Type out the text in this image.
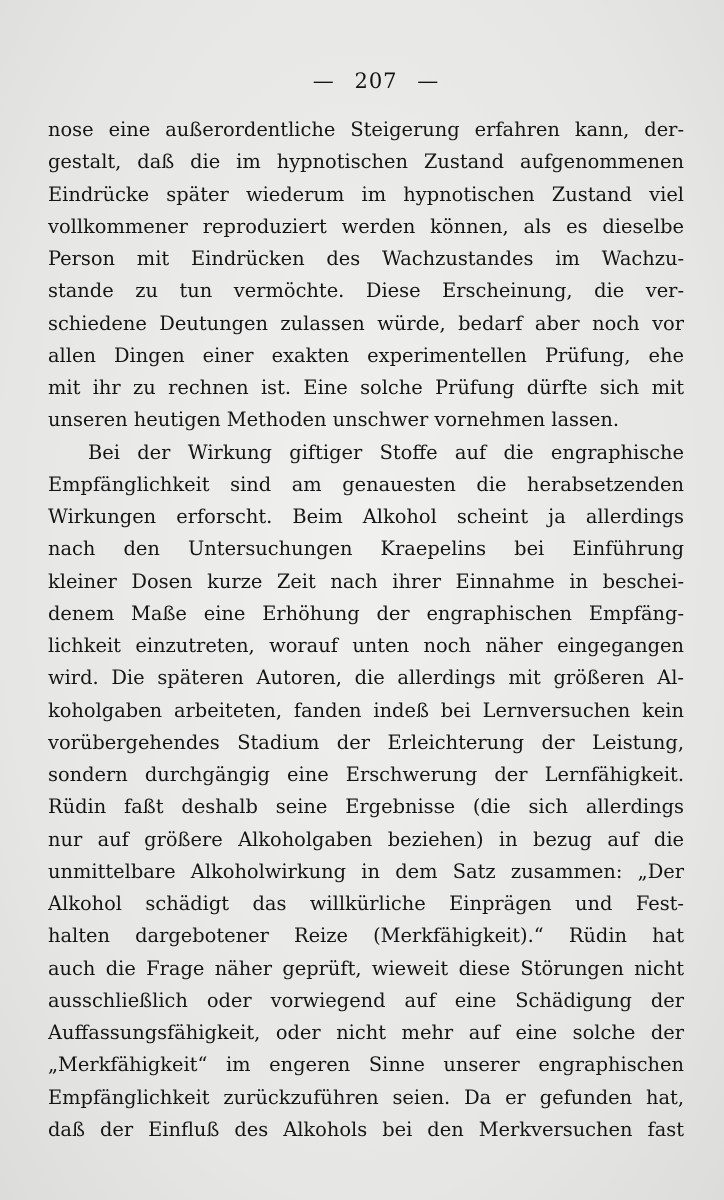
— 207 —
nose eine außerordentliche Steigerung erfahren kann, der-
gestalt, daß die im hypnotischen Zustand aufgenommenen
Eindrücke später wiederum im hypnotischen Zustand viel
vollkommener reproduziert werden können, als es dieselbe
Person mit Eindrücken des Wachzustandes im Wachzu-
stande zu tun vermöchte. Diese Erscheinung, die ver-
schiedene Deutungen zulassen würde, bedarf aber noch vor
allen Dingen einer exakten experimentellen Prüfung, ehe
mit ihr zu rechnen ist. Eine solche Prüfung dürfte sich mit
unseren heutigen Methoden unschwer vornehmen lassen.
Bei der Wirkung giftiger Stoffe auf die engraphische
Empfänglichkeit sind am genauesten die herabsetzenden
Wirkungen erforscht. Beim Alkohol scheint ja allerdings
nach den Untersuchungen Kraepelins bei Einführung
kleiner Dosen kurze Zeit nach ihrer Einnahme in beschei-
denem Maße eine Erhöhung der engraphischen Empfäng-
lichkeit einzutreten, worauf unten noch näher eingegangen
wird. Die späteren Autoren, die allerdings mit größeren Al-
koholgaben arbeiteten, fanden indeß bei Lernversuchen kein
vorübergehendes Stadium der Erleichterung der Leistung,
sondern durchgängig eine Erschwerung der Lernfähigkeit.
Rüdin faßt deshalb seine Ergebnisse (die sich allerdings
nur auf größere Alkoholgaben beziehen) in bezug auf die
unmittelbare Alkoholwirkung in dem Satz zusammen: „Der
Alkohol schädigt das willkürliche Einprägen und Fest-
halten dargebotener Reize (Merkfähigkeit).“ Rüdin hat
auch die Frage näher geprüft, wieweit diese Störungen nicht
ausschließlich oder vorwiegend auf eine Schädigung der
Auffassungsfähigkeit, oder nicht mehr auf eine solche der
„Merkfähigkeit“ im engeren Sinne unserer engraphischen
Empfänglichkeit zurückzuführen seien. Da er gefunden hat,
daß der Einfluß des Alkohols bei den Merkversuchen fast
